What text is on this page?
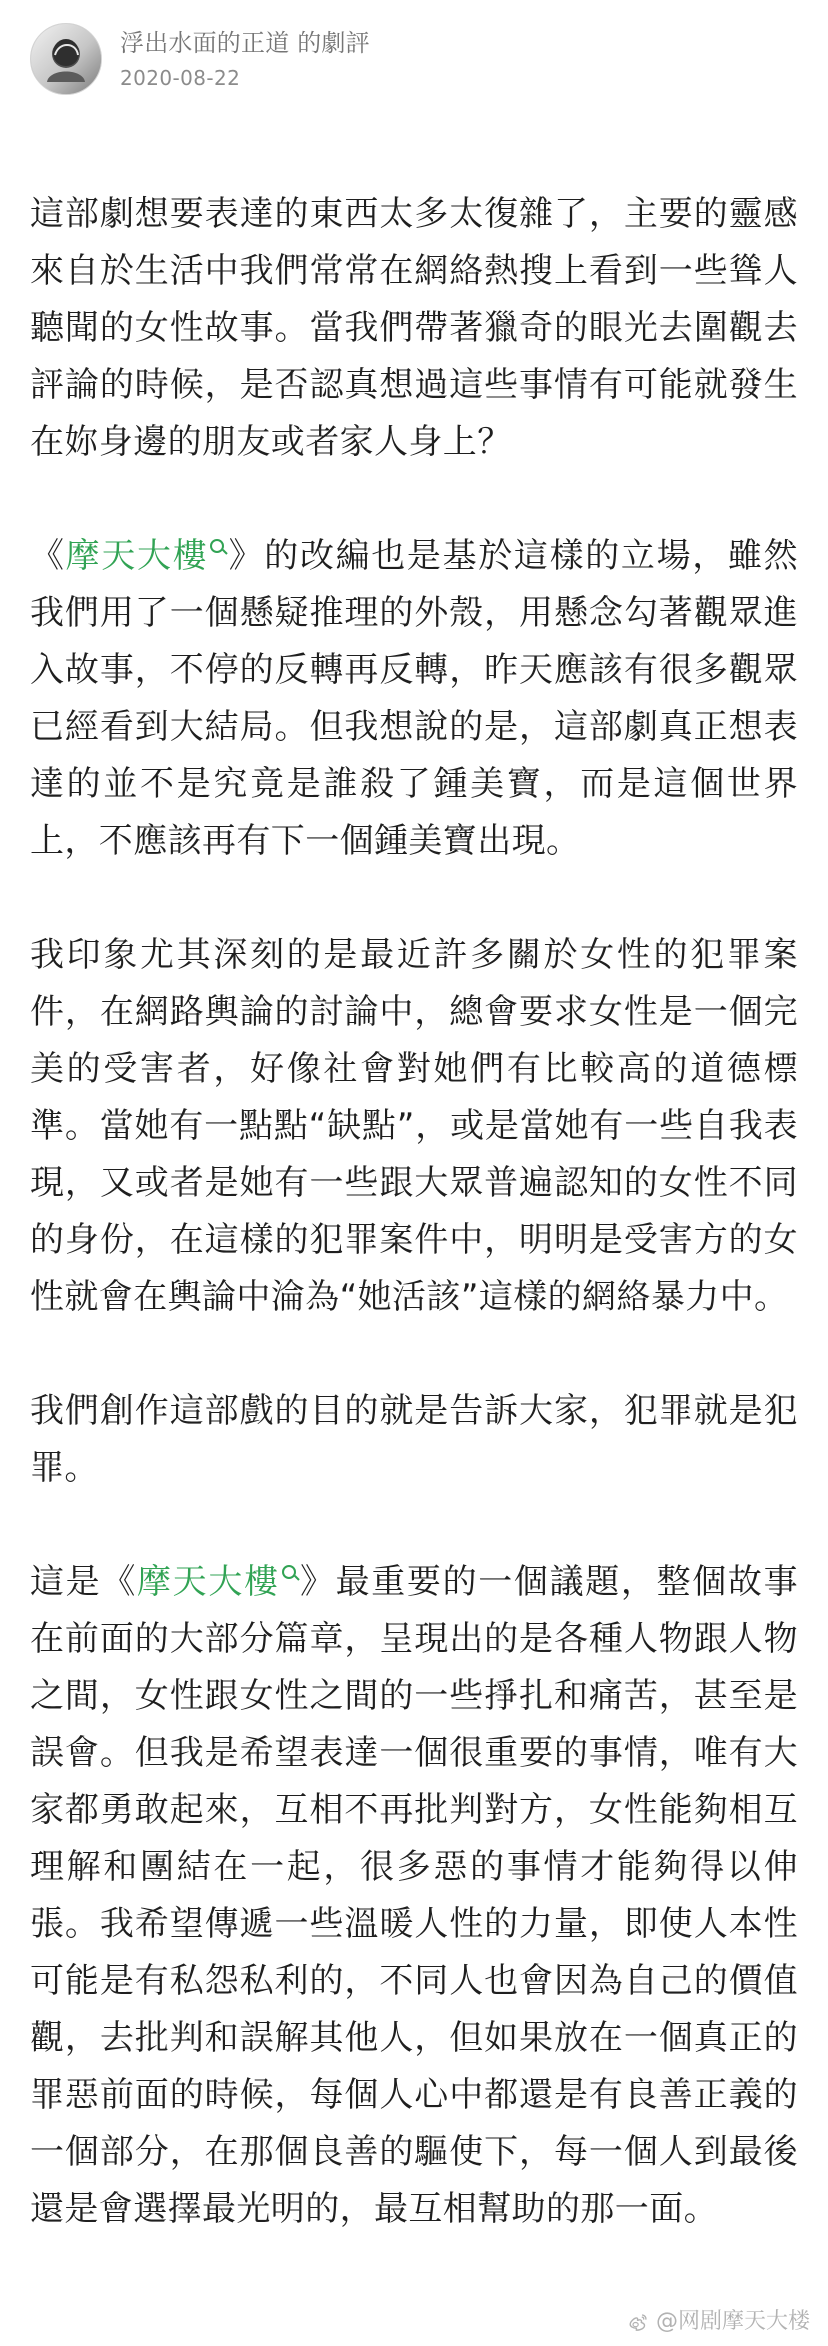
浮出水面的正道 的劇評
2020-08-22

這部劇想要表達的東西太多太復雜了，主要的靈感來自於生活中我們常常在網絡熱搜上看到一些聳人聽聞的女性故事。當我們帶著獵奇的眼光去圍觀去評論的時候，是否認真想過這些事情有可能就發生在妳身邊的朋友或者家人身上？

《摩天大樓 》的改編也是基於這樣的立場，雖然我們用了一個懸疑推理的外殼，用懸念勾著觀眾進入故事，不停的反轉再反轉，昨天應該有很多觀眾已經看到大結局。但我想說的是，這部劇真正想表達的並不是究竟是誰殺了鍾美寶，而是這個世界上，不應該再有下一個鍾美寶出現。

我印象尤其深刻的是最近許多關於女性的犯罪案件，在網路輿論的討論中，總會要求女性是一個完美的受害者，好像社會對她們有比較高的道德標準。當她有一點點“缺點”，或是當她有一些自我表現，又或者是她有一些跟大眾普遍認知的女性不同的身份，在這樣的犯罪案件中，明明是受害方的女性就會在輿論中淪為“她活該”這樣的網絡暴力中。

我們創作這部戲的目的就是告訴大家，犯罪就是犯罪。

這是《摩天大樓 》最重要的一個議題，整個故事在前面的大部分篇章，呈現出的是各種人物跟人物之間，女性跟女性之間的一些掙扎和痛苦，甚至是誤會。但我是希望表達一個很重要的事情，唯有大家都勇敢起來，互相不再批判對方，女性能夠相互理解和團結在一起，很多惡的事情才能夠得以伸張。我希望傳遞一些溫暖人性的力量，即使人本性可能是有私怨私利的，不同人也會因為自己的價值觀，去批判和誤解其他人，但如果放在一個真正的罪惡前面的時候，每個人心中都還是有良善正義的一個部分，在那個良善的驅使下，每一個人到最後還是會選擇最光明的，最互相幫助的那一面。

@网剧摩天大楼
